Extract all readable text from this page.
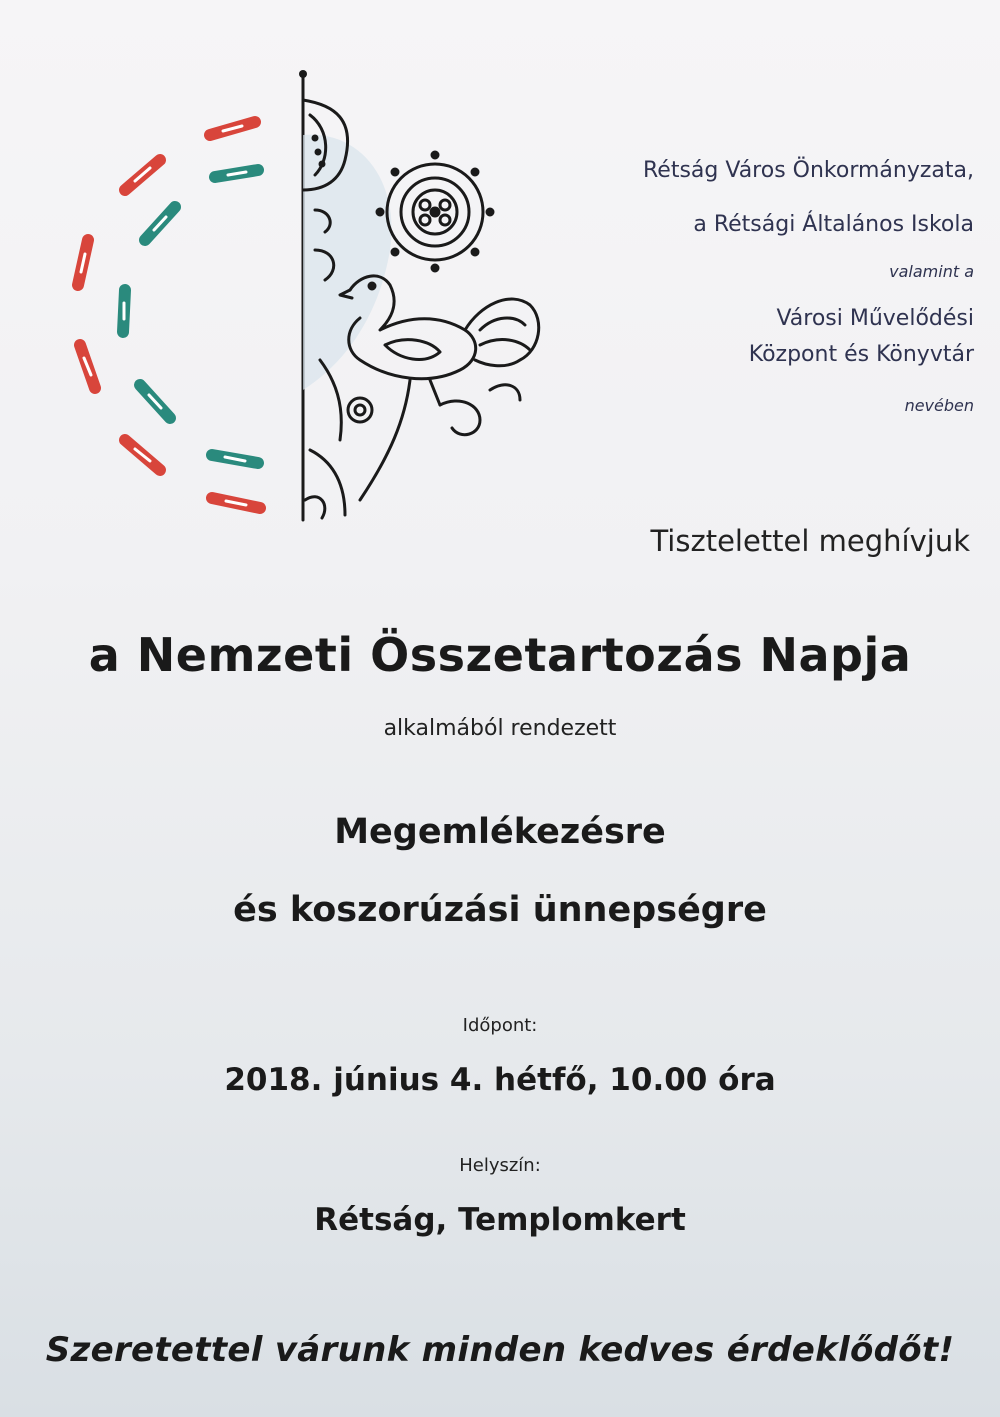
Rétság Város Önkormányzata,
a Rétsági Általános Iskola
valamint a
Városi Művelődési
Központ és Könyvtár
nevében
Tisztelettel meghívjuk
a Nemzeti Összetartozás Napja
alkalmából rendezett
Megemlékezésre
és koszorúzási ünnepségre
Időpont:
2018. június 4. hétfő, 10.00 óra
Helyszín:
Rétság, Templomkert
Szeretettel várunk minden kedves érdeklődőt!
